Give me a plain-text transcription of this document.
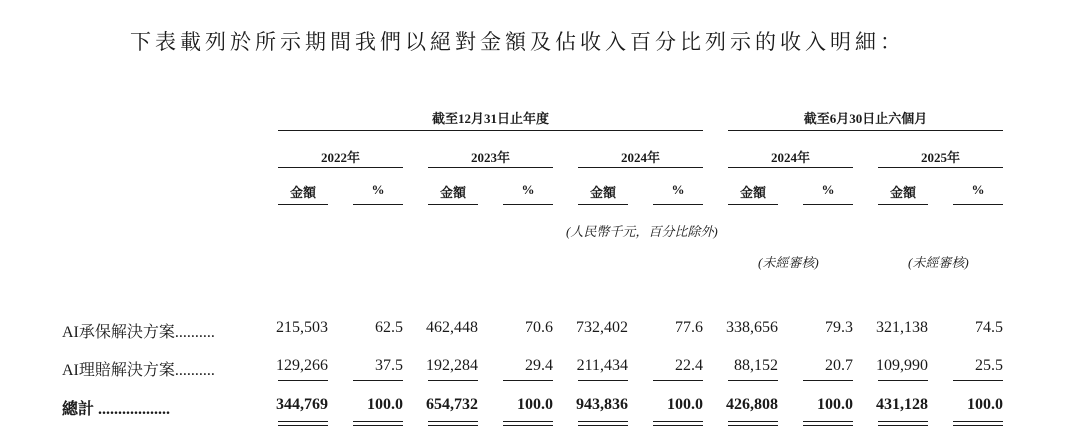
下表載列於所示期間我們以絕對金額及佔收入百分比列示的收入明細：
截至12月31日止年度	截至6月30日止六個月
2022年	2023年	2024年	2024年	2025年
金額	%	金額	%	金額	%	金額	%	金額	%
(人民幣千元，百分比除外)
(未經審核)	(未經審核)
AI承保解決方案..........	215,503	62.5	462,448	70.6	732,402	77.6	338,656	79.3	321,138	74.5
AI理賠解決方案..........	129,266	37.5	192,284	29.4	211,434	22.4	88,152	20.7	109,990	25.5
總計 ..................	344,769	100.0	654,732	100.0	943,836	100.0	426,808	100.0	431,128	100.0
